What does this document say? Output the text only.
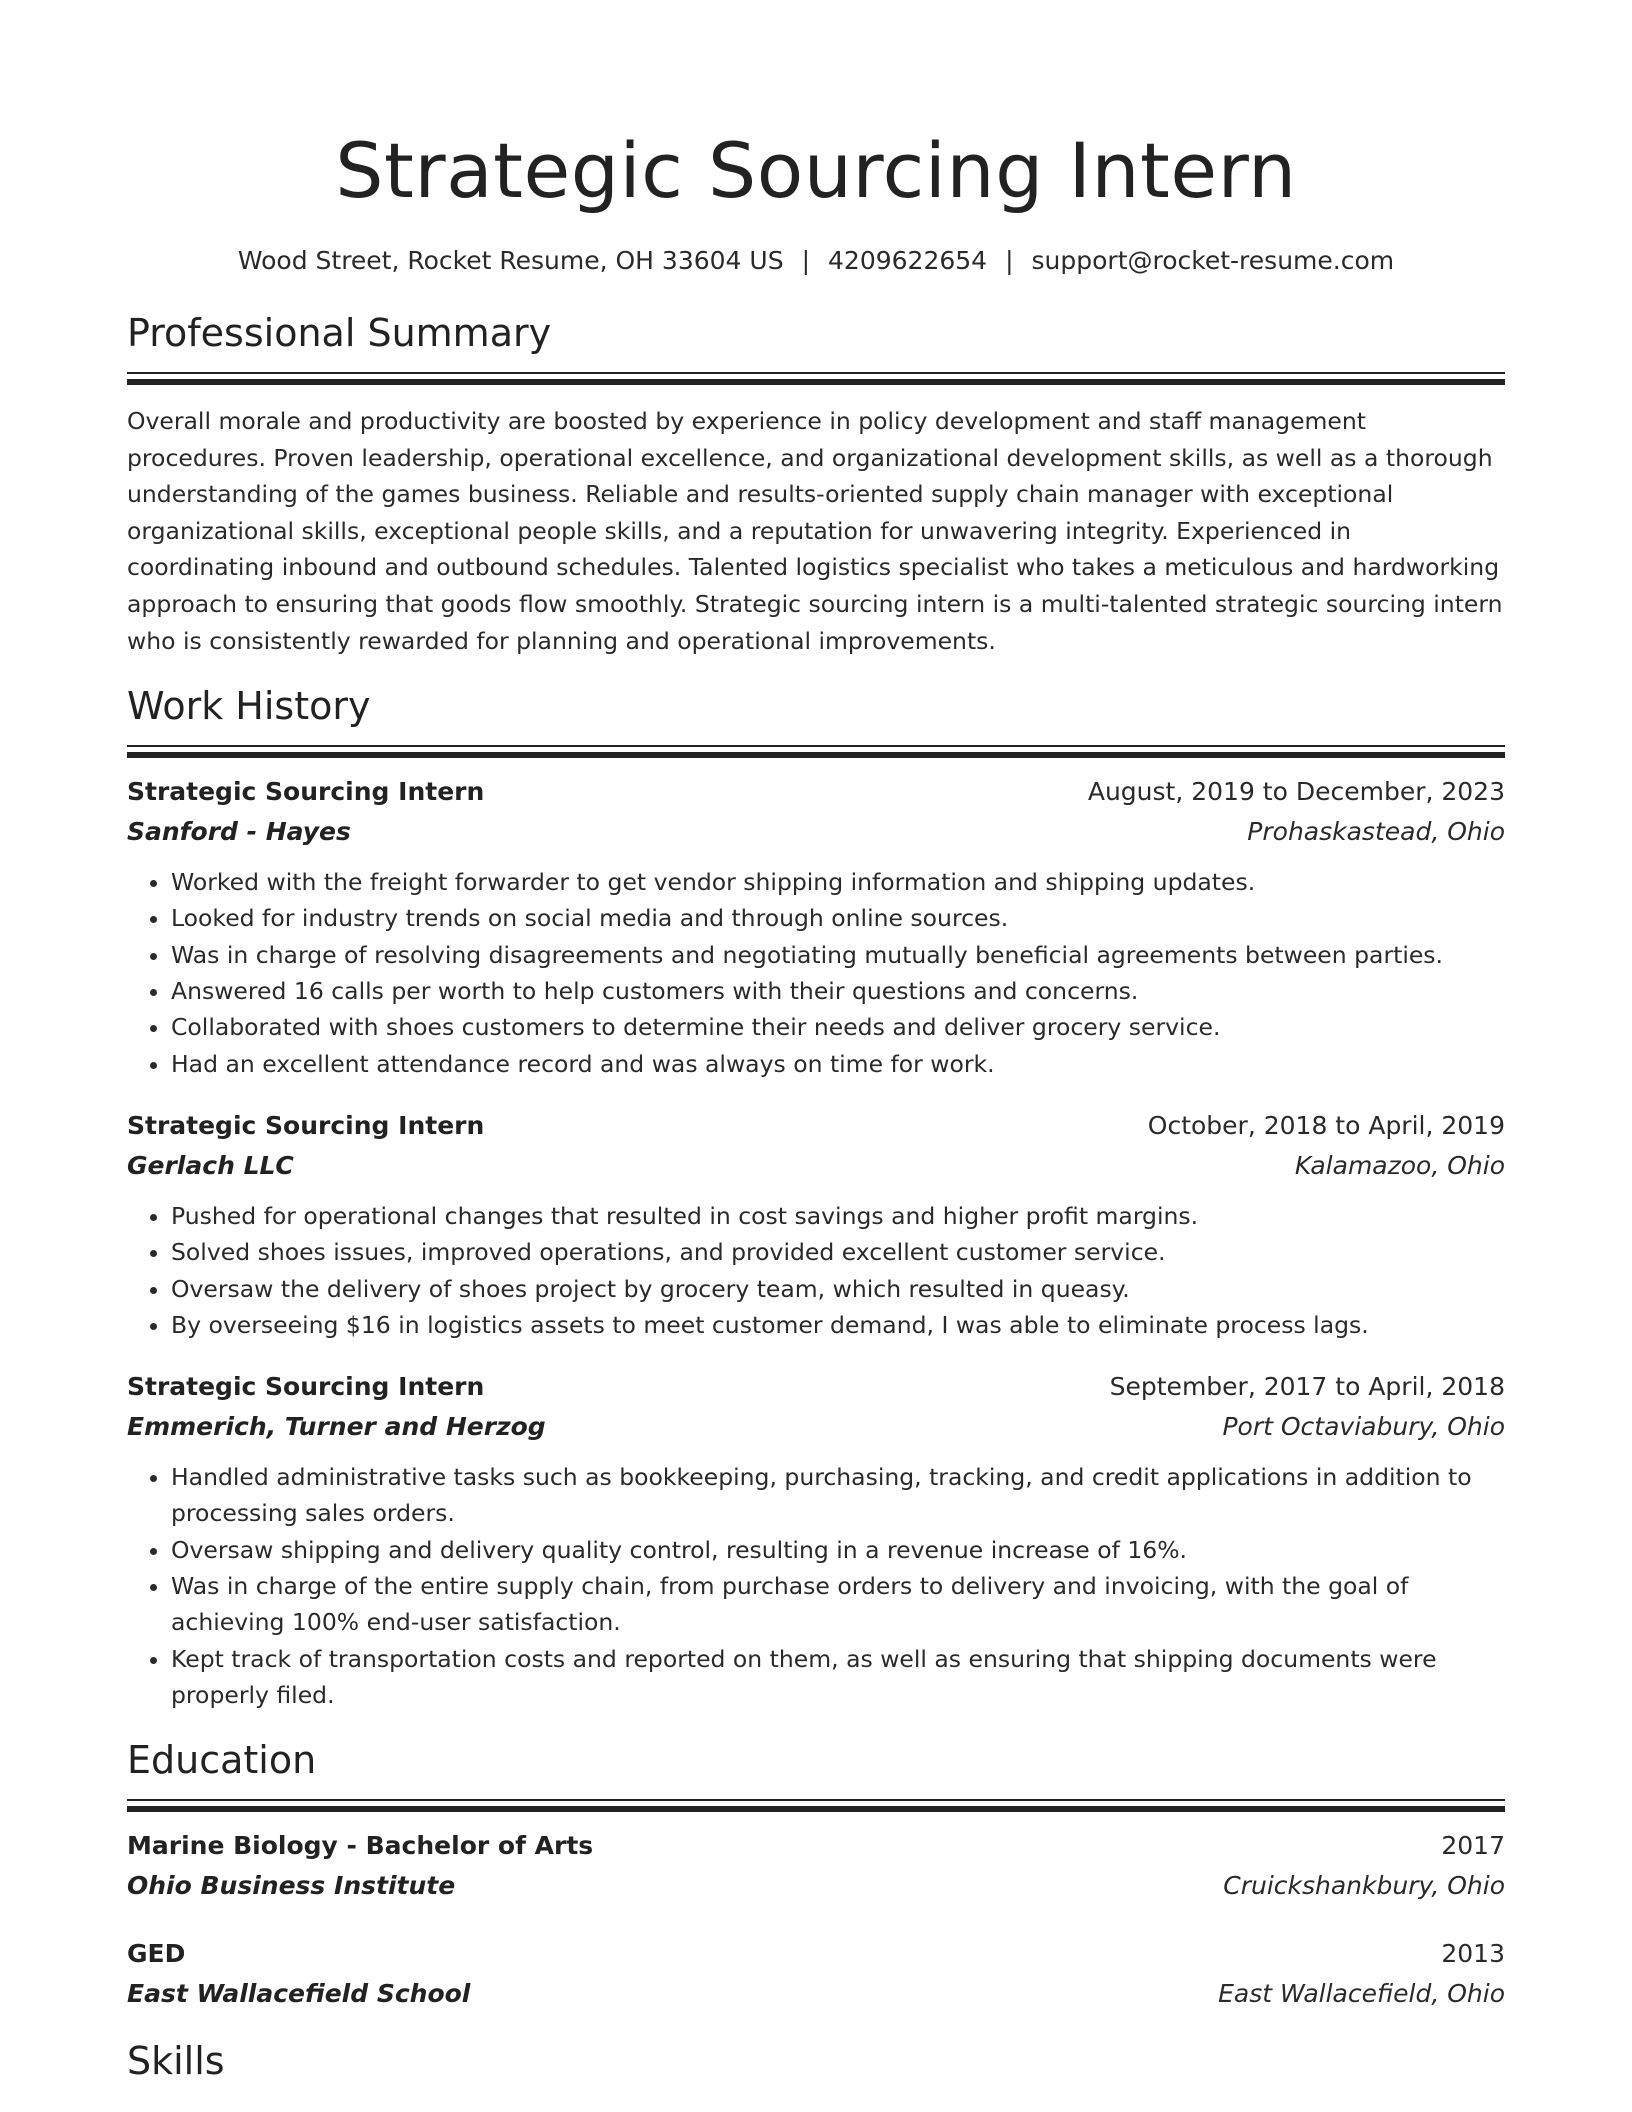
Strategic Sourcing Intern
Wood Street, Rocket Resume, OH 33604 US | 4209622654 | support@rocket-resume.com
Professional Summary

Overall morale and productivity are boosted by experience in policy development and staff management procedures. Proven leadership, operational excellence, and organizational development skills, as well as a thorough understanding of the games business. Reliable and results-oriented supply chain manager with exceptional organizational skills, exceptional people skills, and a reputation for unwavering integrity. Experienced in coordinating inbound and outbound schedules. Talented logistics specialist who takes a meticulous and hardworking approach to ensuring that goods flow smoothly. Strategic sourcing intern is a multi-talented strategic sourcing intern who is consistently rewarded for planning and operational improvements.

Work History
Strategic Sourcing Intern	August, 2019 to December, 2023
Sanford - Hayes	Prohaskastead, Ohio
• Worked with the freight forwarder to get vendor shipping information and shipping updates.
• Looked for industry trends on social media and through online sources.
• Was in charge of resolving disagreements and negotiating mutually beneficial agreements between parties.
• Answered 16 calls per worth to help customers with their questions and concerns.
• Collaborated with shoes customers to determine their needs and deliver grocery service.
• Had an excellent attendance record and was always on time for work.
Strategic Sourcing Intern	October, 2018 to April, 2019
Gerlach LLC	Kalamazoo, Ohio
• Pushed for operational changes that resulted in cost savings and higher profit margins.
• Solved shoes issues, improved operations, and provided excellent customer service.
• Oversaw the delivery of shoes project by grocery team, which resulted in queasy.
• By overseeing $16 in logistics assets to meet customer demand, I was able to eliminate process lags.
Strategic Sourcing Intern	September, 2017 to April, 2018
Emmerich, Turner and Herzog	Port Octaviabury, Ohio
• Handled administrative tasks such as bookkeeping, purchasing, tracking, and credit applications in addition to processing sales orders.
• Oversaw shipping and delivery quality control, resulting in a revenue increase of 16%.
• Was in charge of the entire supply chain, from purchase orders to delivery and invoicing, with the goal of achieving 100% end-user satisfaction.
• Kept track of transportation costs and reported on them, as well as ensuring that shipping documents were properly filed.
Education
Marine Biology - Bachelor of Arts	2017
Ohio Business Institute	Cruickshankbury, Ohio
GED	2013
East Wallacefield School	East Wallacefield, Ohio
Skills
